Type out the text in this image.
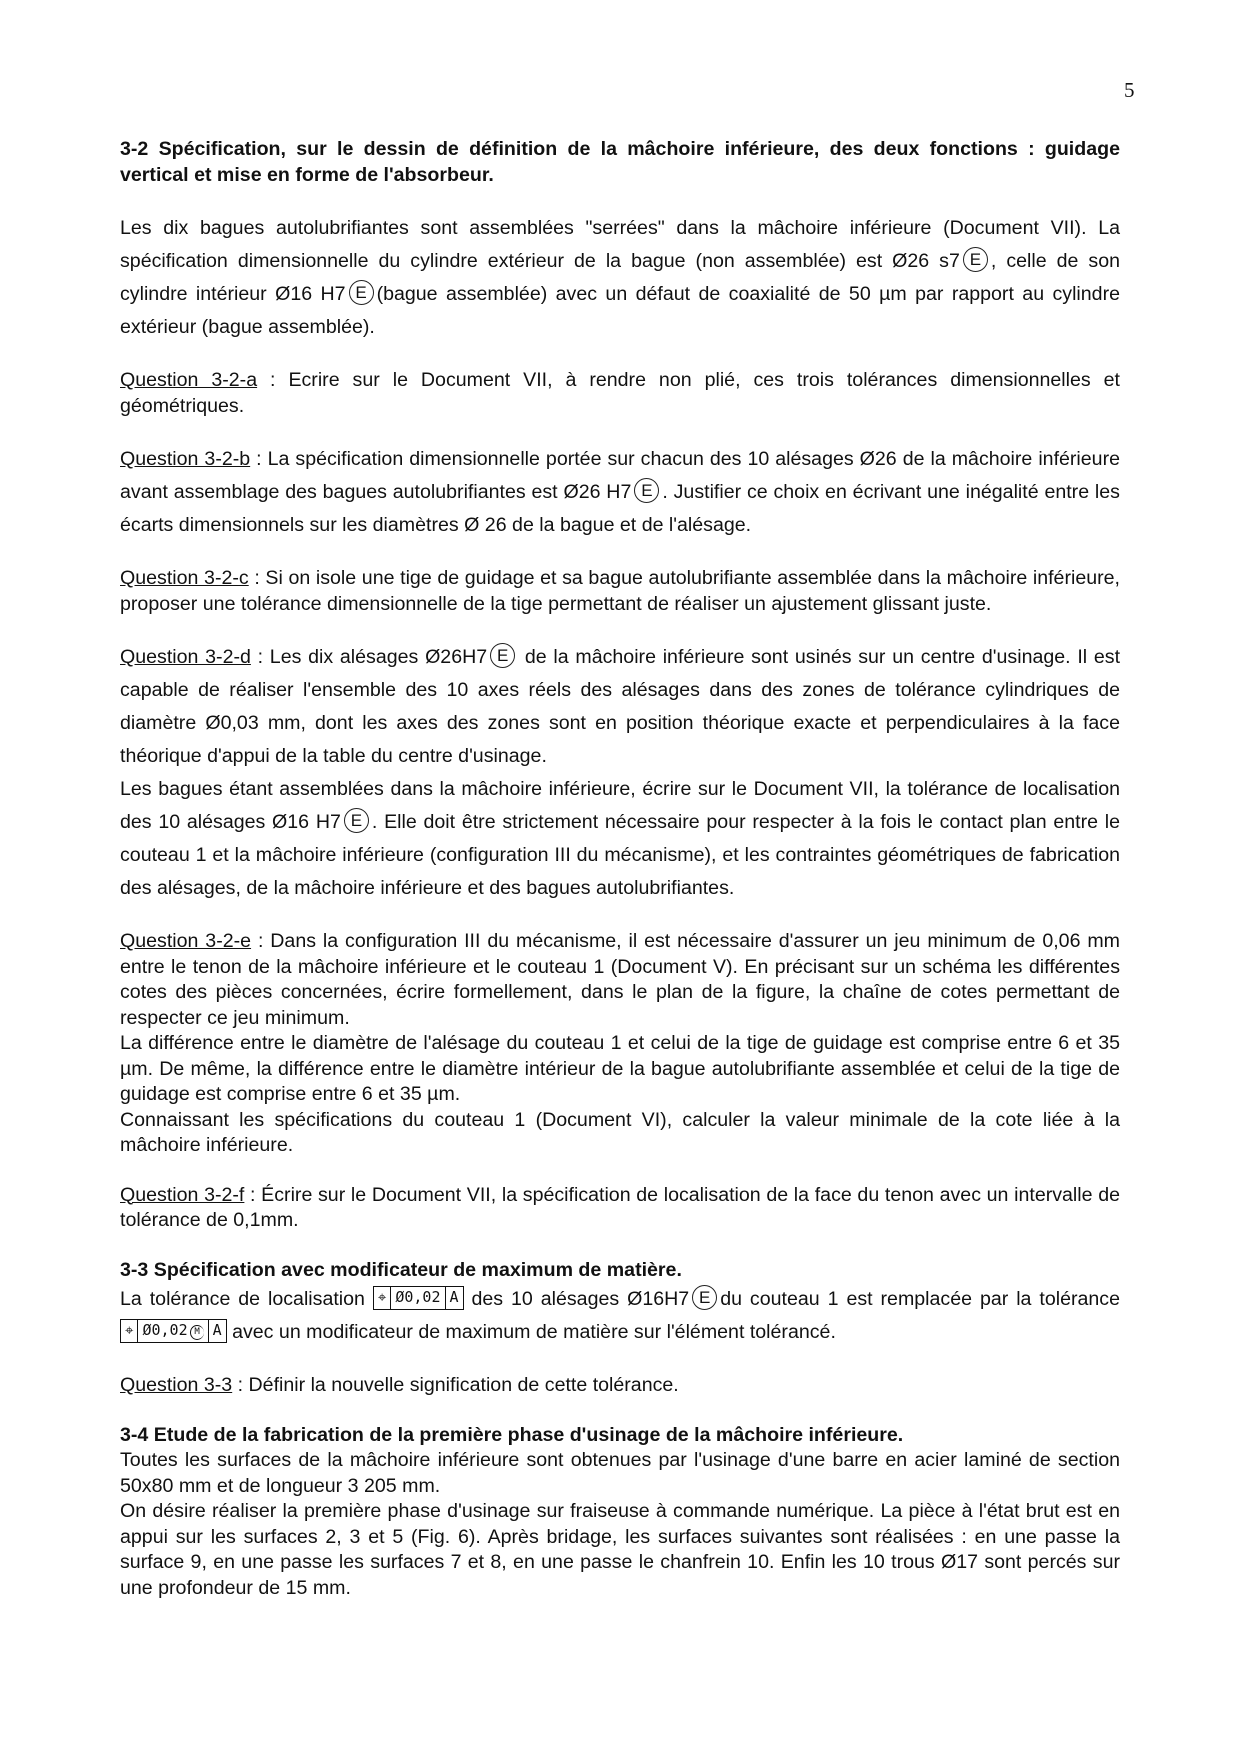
5

3-2 Spécification, sur le dessin de définition de la mâchoire inférieure, des deux fonctions : guidage vertical et mise en forme de l'absorbeur.

Les dix bagues autolubrifiantes sont assemblées "serrées" dans la mâchoire inférieure (Document VII). La spécification dimensionnelle du cylindre extérieur de la bague (non assemblée) est Ø26 s7 E , celle de son cylindre intérieur Ø16 H7 E (bague assemblée) avec un défaut de coaxialité de 50 µm par rapport au cylindre extérieur (bague assemblée).

Question 3-2-a : Ecrire sur le Document VII, à rendre non plié, ces trois tolérances dimensionnelles et géométriques.

Question 3-2-b : La spécification dimensionnelle portée sur chacun des 10 alésages Ø26 de la mâchoire inférieure avant assemblage des bagues autolubrifiantes est Ø26 H7 E . Justifier ce choix en écrivant une inégalité entre les écarts dimensionnels sur les diamètres Ø 26 de la bague et de l'alésage.

Question 3-2-c : Si on isole une tige de guidage et sa bague autolubrifiante assemblée dans la mâchoire inférieure, proposer une tolérance dimensionnelle de la tige permettant de réaliser un ajustement glissant juste.

Question 3-2-d : Les dix alésages Ø26H7 E de la mâchoire inférieure sont usinés sur un centre d'usinage. Il est capable de réaliser l'ensemble des 10 axes réels des alésages dans des zones de tolérance cylindriques de diamètre Ø0,03 mm, dont les axes des zones sont en position théorique exacte et perpendiculaires à la face théorique d'appui de la table du centre d'usinage.

Les bagues étant assemblées dans la mâchoire inférieure, écrire sur le Document VII, la tolérance de localisation des 10 alésages Ø16 H7 E . Elle doit être strictement nécessaire pour respecter à la fois le contact plan entre le couteau 1 et la mâchoire inférieure (configuration III du mécanisme), et les contraintes géométriques de fabrication des alésages, de la mâchoire inférieure et des bagues autolubrifiantes.

Question 3-2-e : Dans la configuration III du mécanisme, il est nécessaire d'assurer un jeu minimum de 0,06 mm entre le tenon de la mâchoire inférieure et le couteau 1 (Document V). En précisant sur un schéma les différentes cotes des pièces concernées, écrire formellement, dans le plan de la figure, la chaîne de cotes permettant de respecter ce jeu minimum.

La différence entre le diamètre de l'alésage du couteau 1 et celui de la tige de guidage est comprise entre 6 et 35 µm. De même, la différence entre le diamètre intérieur de la bague autolubrifiante assemblée et celui de la tige de guidage est comprise entre 6 et 35 µm.

Connaissant les spécifications du couteau 1 (Document VI), calculer la valeur minimale de la cote liée à la mâchoire inférieure.

Question 3-2-f : Écrire sur le Document VII, la spécification de localisation de la face du tenon avec un intervalle de tolérance de 0,1mm.

3-3 Spécification avec modificateur de maximum de matière.

La tolérance de localisation ⌖ Ø0,02 A des 10 alésages Ø16H7 E du couteau 1 est remplacée par la tolérance
⌖ Ø0,02 M A avec un modificateur de maximum de matière sur l'élément tolérancé.

Question 3-3 : Définir la nouvelle signification de cette tolérance.

3-4 Etude de la fabrication de la première phase d'usinage de la mâchoire inférieure.

Toutes les surfaces de la mâchoire inférieure sont obtenues par l'usinage d'une barre en acier laminé de section 50x80 mm et de longueur 3 205 mm.

On désire réaliser la première phase d'usinage sur fraiseuse à commande numérique. La pièce à l'état brut est en appui sur les surfaces 2, 3 et 5 (Fig. 6). Après bridage, les surfaces suivantes sont réalisées : en une passe la surface 9, en une passe les surfaces 7 et 8, en une passe le chanfrein 10. Enfin les 10 trous Ø17 sont percés sur une profondeur de 15 mm.
